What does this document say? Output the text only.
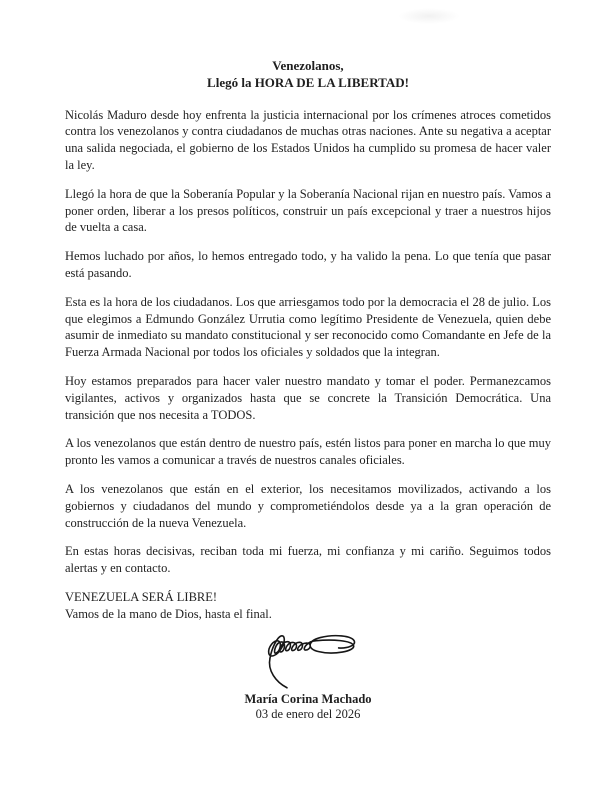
Venezolanos,
Llegó la HORA DE LA LIBERTAD!

Nicolás Maduro desde hoy enfrenta la justicia internacional por los crímenes atroces cometidos contra los venezolanos y contra ciudadanos de muchas otras naciones. Ante su negativa a aceptar una salida negociada, el gobierno de los Estados Unidos ha cumplido su promesa de hacer valer la ley.

Llegó la hora de que la Soberanía Popular y la Soberanía Nacional rijan en nuestro país. Vamos a poner orden, liberar a los presos políticos, construir un país excepcional y traer a nuestros hijos de vuelta a casa.

Hemos luchado por años, lo hemos entregado todo, y ha valido la pena. Lo que tenía que pasar está pasando.

Esta es la hora de los ciudadanos. Los que arriesgamos todo por la democracia el 28 de julio. Los que elegimos a Edmundo González Urrutia como legítimo Presidente de Venezuela, quien debe asumir de inmediato su mandato constitucional y ser reconocido como Comandante en Jefe de la Fuerza Armada Nacional por todos los oficiales y soldados que la integran.

Hoy estamos preparados para hacer valer nuestro mandato y tomar el poder. Permanezcamos vigilantes, activos y organizados hasta que se concrete la Transición Democrática. Una transición que nos necesita a TODOS.

A los venezolanos que están dentro de nuestro país, estén listos para poner en marcha lo que muy pronto les vamos a comunicar a través de nuestros canales oficiales.

A los venezolanos que están en el exterior, los necesitamos movilizados, activando a los gobiernos y ciudadanos del mundo y comprometiéndolos desde ya a la gran operación de construcción de la nueva Venezuela.

En estas horas decisivas, reciban toda mi fuerza, mi confianza y mi cariño. Seguimos todos alertas y en contacto.

VENEZUELA SERÁ LIBRE!
Vamos de la mano de Dios, hasta el final.

María Corina Machado
03 de enero del 2026
